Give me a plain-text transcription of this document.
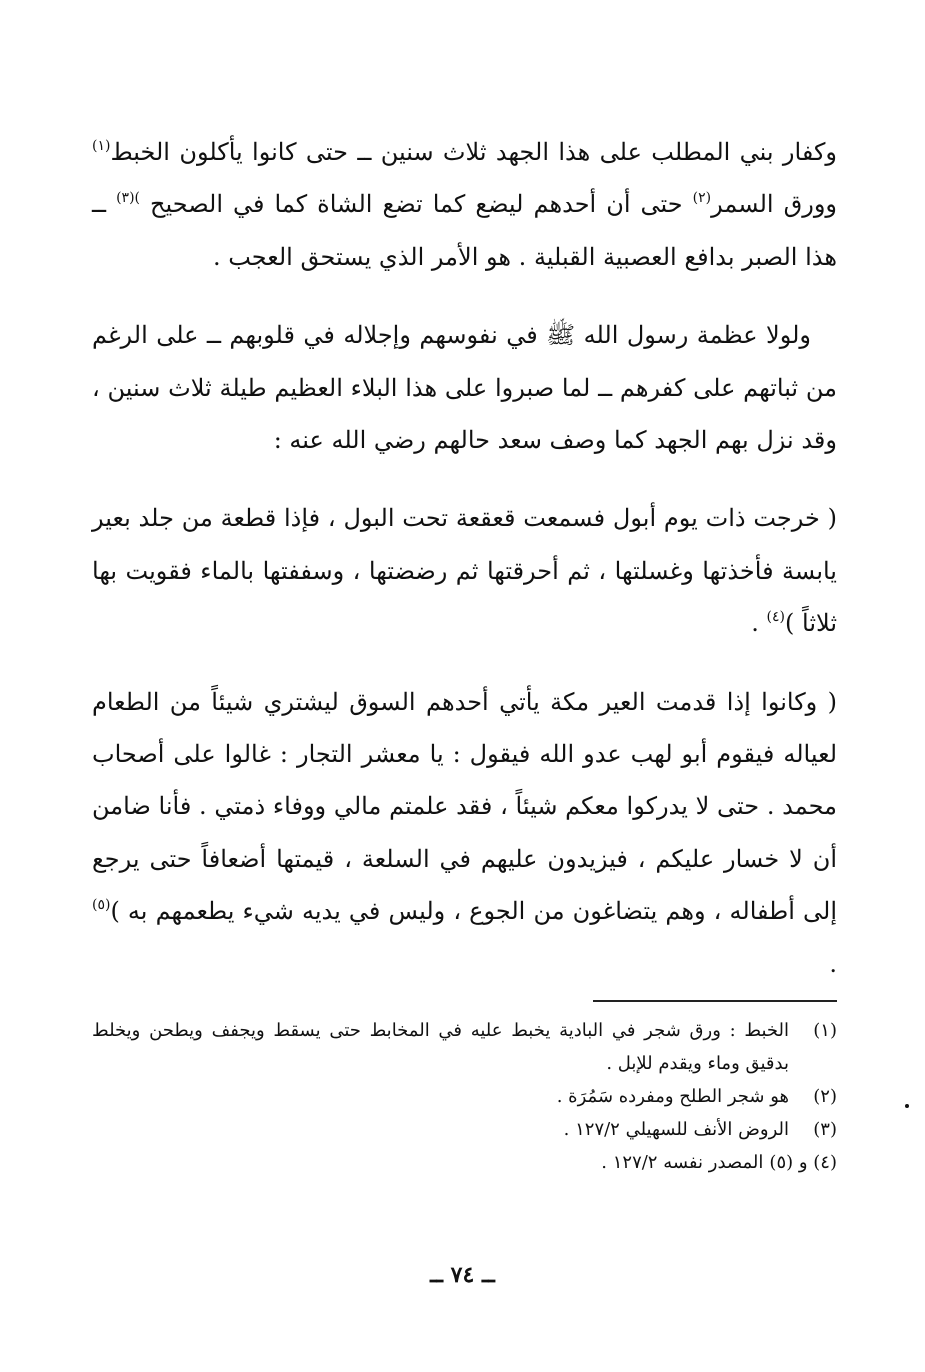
وكفار بني المطلب على هذا الجهد ثلاث سنين ــ حتى كانوا يأكلون الخبط$^{(١)}$ وورق السمر$^{(٢)}$ حتى أن أحدهم ليضع كما تضع الشاة كما في الصحيح $^{)(٣)}$ ــ هذا الصبر بدافع العصبية القبلية . هو الأمر الذي يستحق العجب .

ولولا عظمة رسول الله ﷺ في نفوسهم وإجلاله في قلوبهم ــ على الرغم من ثباتهم على كفرهم ــ لما صبروا على هذا البلاء العظيم طيلة ثلاث سنين ، وقد نزل بهم الجهد كما وصف سعد حالهم رضي الله عنه :

( خرجت ذات يوم أبول فسمعت قعقعة تحت البول ، فإذا قطعة من جلد بعير يابسة فأخذتها وغسلتها ، ثم أحرقتها ثم رضضتها ، وسففتها بالماء فقويت بها ثلاثاً )$^{(٤)}$ .

( وكانوا إذا قدمت العير مكة يأتي أحدهم السوق ليشتري شيئاً من الطعام لعياله فيقوم أبو لهب عدو الله فيقول : يا معشر التجار : غالوا على أصحاب محمد . حتى لا يدركوا معكم شيئاً ، فقد علمتم مالي ووفاء ذمتي . فأنا ضامن أن لا خسار عليكم ، فيزيدون عليهم في السلعة ، قيمتها أضعافاً حتى يرجع إلى أطفاله ، وهم يتضاغون من الجوع ، وليس في يديه شيء يطعمهم به )$^{(٥)}$ .

(١)
الخبط : ورق شجر في البادية يخبط عليه في المخابط حتى يسقط ويجفف ويطحن ويخلط بدقيق وماء ويقدم للإبل .
(٢)
هو شجر الطلح ومفرده سَمُرَة .
(٣)
الروض الأنف للسهيلي ١٢٧/٢ .
(٤) و (٥)
المصدر نفسه ١٢٧/٢ .
ــ ٧٤ ــ
